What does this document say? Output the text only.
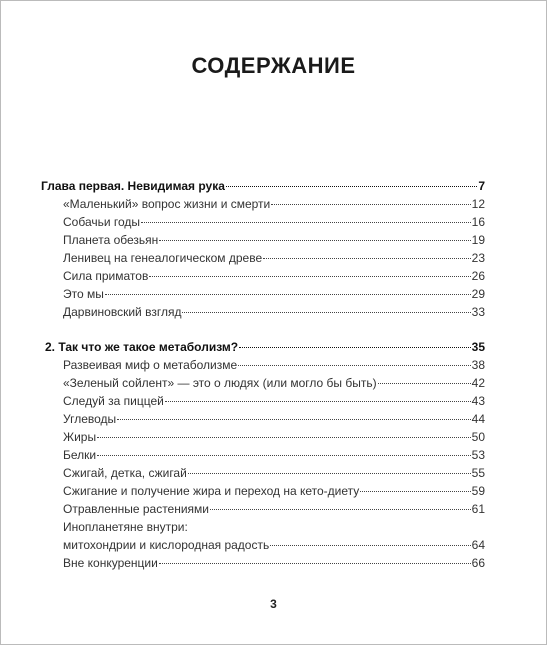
СОДЕРЖАНИЕ
Глава первая. Невидимая рука	7
«Маленький» вопрос жизни и смерти	12
Собачьи годы	16
Планета обезьян	19
Ленивец на генеалогическом древе	23
Сила приматов	26
Это мы	29
Дарвиновский взгляд	33
2. Так что же такое метаболизм?	35
Развеивая миф о метаболизме	38
«Зеленый сойлент» — это о людях (или могло бы быть)	42
Следуй за пиццей	43
Углеводы	44
Жиры	50
Белки	53
Сжигай, детка, сжигай	55
Сжигание и получение жира и переход на кето-диету	59
Отравленные растениями	61
Инопланетяне внутри:
митохондрии и кислородная радость	64
Вне конкуренции	66
3
